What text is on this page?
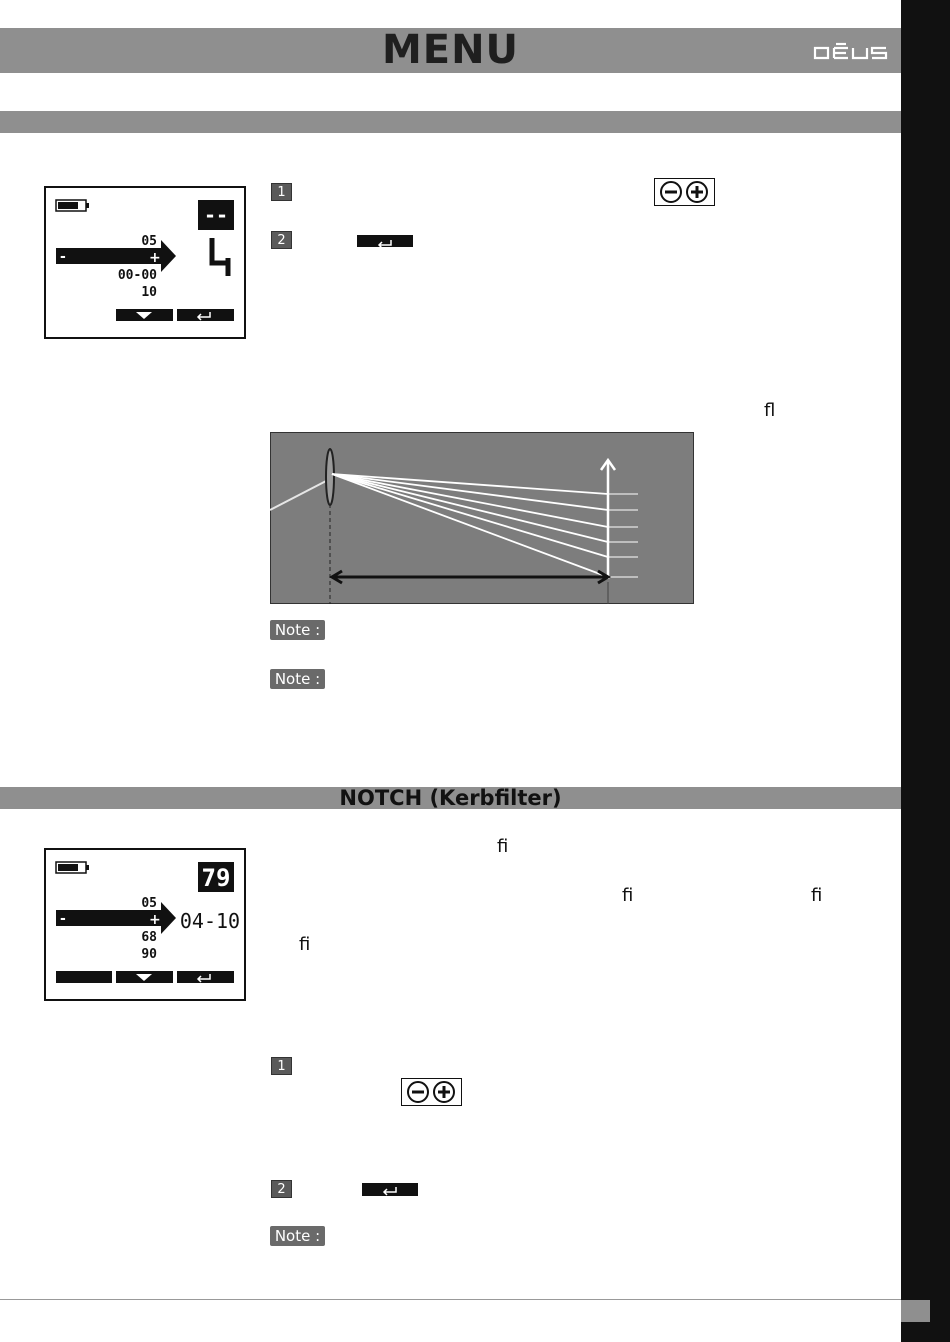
MENU
--
-	+
05
00-00
10
1
2
ﬂ
Note :
Note :
NOTCH (Kerbfilter)
79
-	+
05
68
90
04-10
ﬁ
ﬁ	ﬁ
ﬁ
1
2
Note :
